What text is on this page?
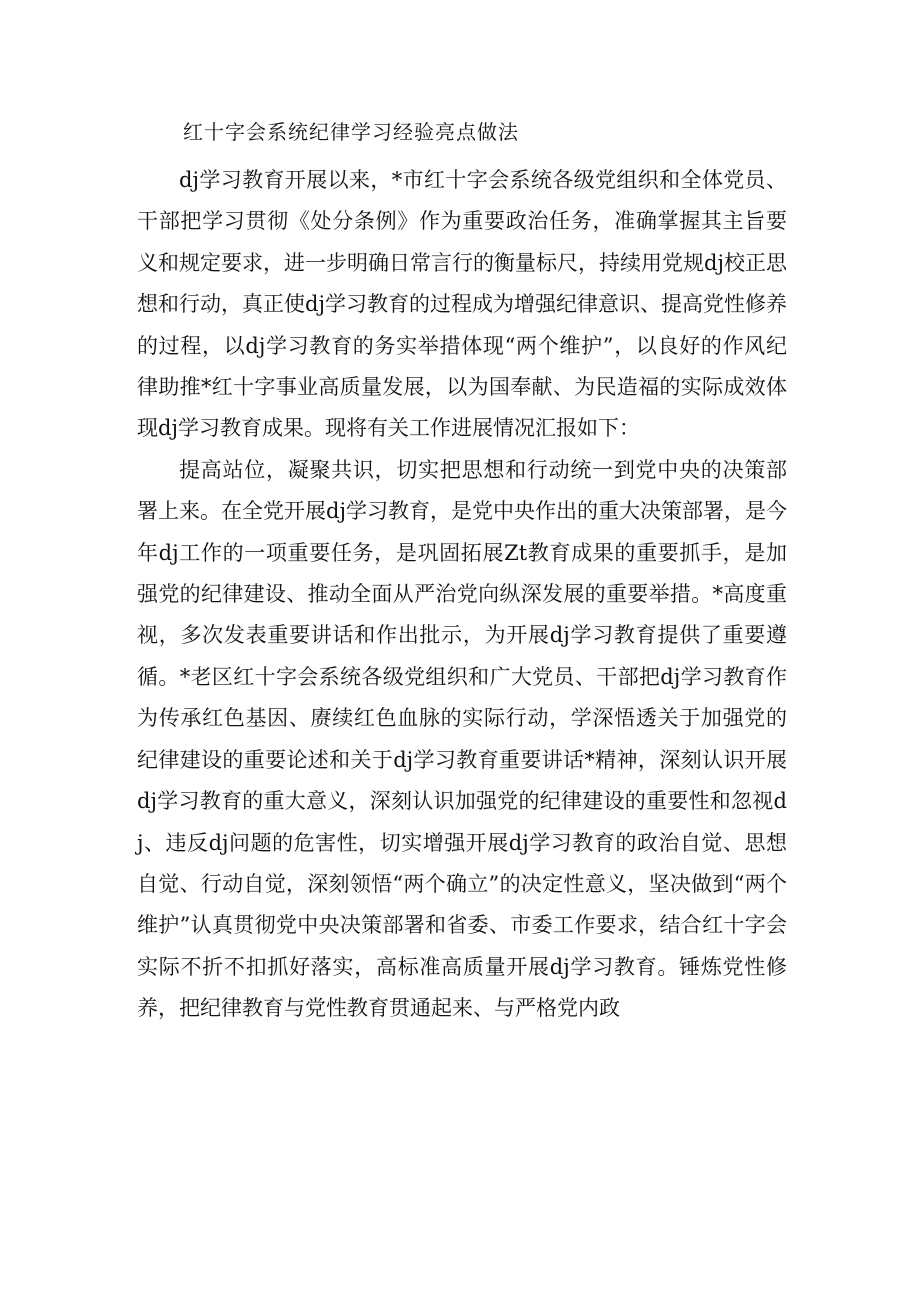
红十字会系统纪律学习经验亮点做法

dj学习教育开展以来，*市红十字会系统各级党组织和全体党员、干部把学习贯彻《处分条例》作为重要政治任务，准确掌握其主旨要义和规定要求，进一步明确日常言行的衡量标尺，持续用党规dj校正思想和行动，真正使dj学习教育的过程成为增强纪律意识、提高党性修养的过程，以dj学习教育的务实举措体现“两个维护”，以良好的作风纪律助推*红十字事业高质量发展，以为国奉献、为民造福的实际成效体现dj学习教育成果。现将有关工作进展情况汇报如下：

提高站位，凝聚共识，切实把思想和行动统一到党中央的决策部署上来。在全党开展dj学习教育，是党中央作出的重大决策部署，是今年dj工作的一项重要任务，是巩固拓展Zt教育成果的重要抓手，是加强党的纪律建设、推动全面从严治党向纵深发展的重要举措。*高度重视，多次发表重要讲话和作出批示，为开展dj学习教育提供了重要遵循。*老区红十字会系统各级党组织和广大党员、干部把dj学习教育作为传承红色基因、赓续红色血脉的实际行动，学深悟透关于加强党的纪律建设的重要论述和关于dj学习教育重要讲话*精神，深刻认识开展dj学习教育的重大意义，深刻认识加强党的纪律建设的重要性和忽视dj、违反dj问题的危害性，切实增强开展dj学习教育的政治自觉、思想自觉、行动自觉，深刻领悟“两个确立”的决定性意义，坚决做到“两个维护”认真贯彻党中央决策部署和省委、市委工作要求，结合红十字会实际不折不扣抓好落实，高标准高质量开展dj学习教育。锤炼党性修养，把纪律教育与党性教育贯通起来、与严格党内政
